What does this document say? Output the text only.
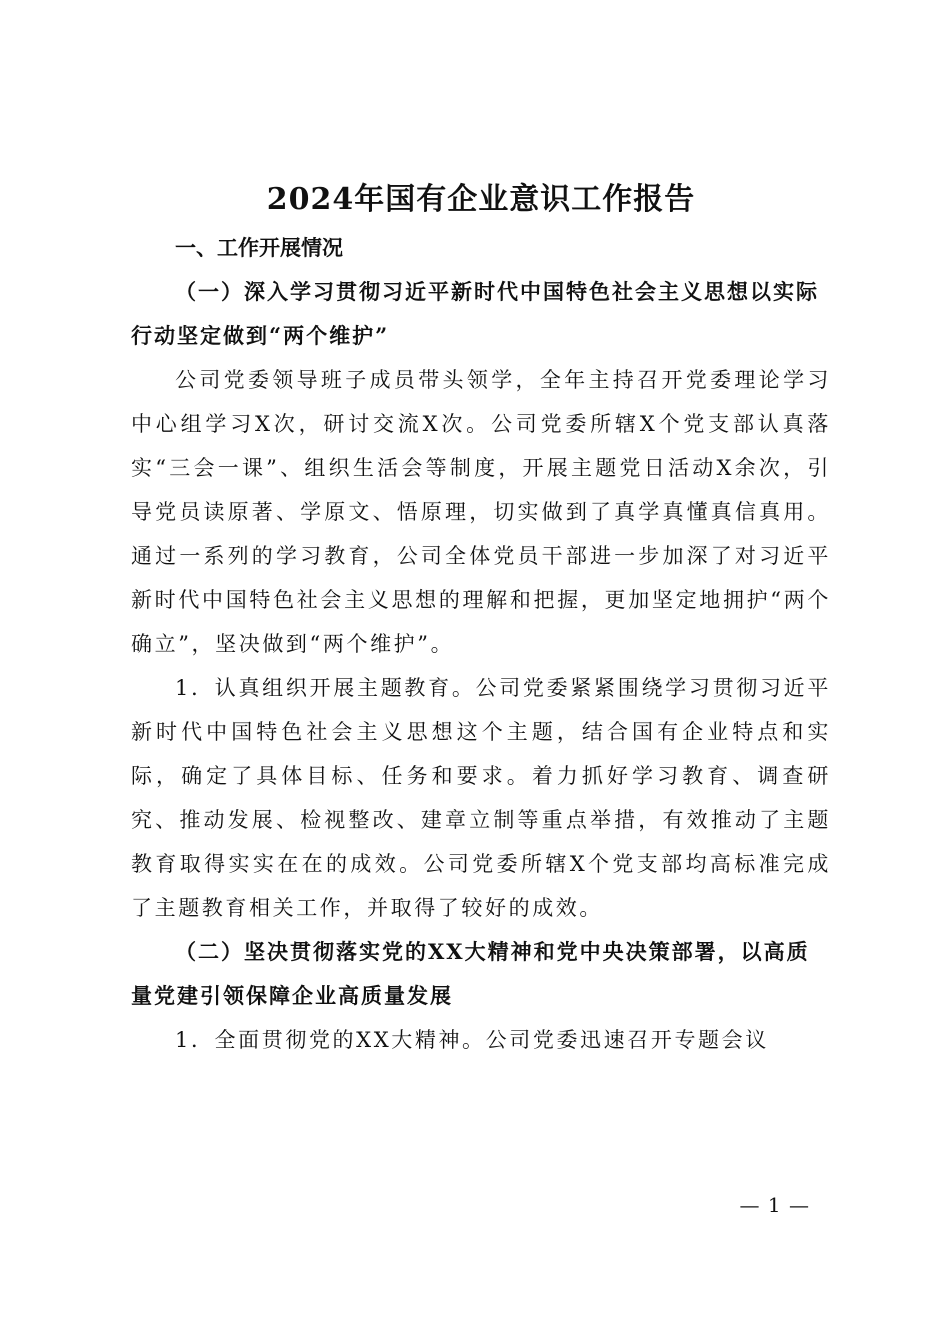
2024年国有企业意识工作报告

一、工作开展情况

（一）深入学习贯彻习近平新时代中国特色社会主义思想以实际行动坚定做到“两个维护”

公司党委领导班子成员带头领学，全年主持召开党委理论学习中心组学习X次，研讨交流X次。公司党委所辖X个党支部认真落实“三会一课”、组织生活会等制度，开展主题党日活动X余次，引导党员读原著、学原文、悟原理，切实做到了真学真懂真信真用。通过一系列的学习教育，公司全体党员干部进一步加深了对习近平新时代中国特色社会主义思想的理解和把握，更加坚定地拥护“两个确立”，坚决做到“两个维护”。

1．认真组织开展主题教育。公司党委紧紧围绕学习贯彻习近平新时代中国特色社会主义思想这个主题，结合国有企业特点和实际，确定了具体目标、任务和要求。着力抓好学习教育、调查研究、推动发展、检视整改、建章立制等重点举措，有效推动了主题教育取得实实在在的成效。公司党委所辖X个党支部均高标准完成了主题教育相关工作，并取得了较好的成效。

（二）坚决贯彻落实党的XX大精神和党中央决策部署，以高质量党建引领保障企业高质量发展

1．全面贯彻党的XX大精神。公司党委迅速召开专题会议

— 1 —
